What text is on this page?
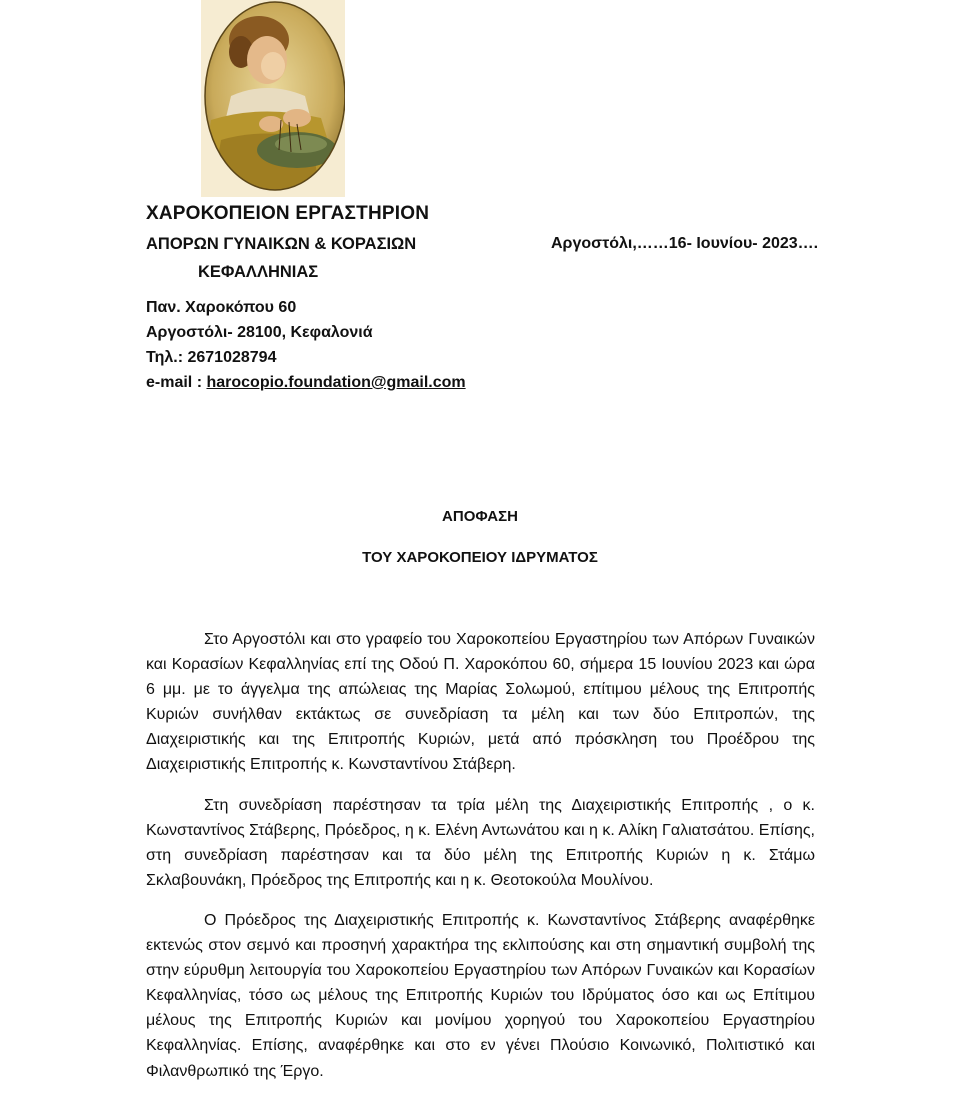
ΧΑΡΟΚΟΠΕΙΟΝ ΕΡΓΑΣΤΗΡΙΟΝ
ΑΠΟΡΩΝ ΓΥΝΑΙΚΩΝ & ΚΟΡΑΣΙΩΝ
ΚΕΦΑΛΛΗΝΙΑΣ
Αργοστόλι,……16- Ιουνίου- 2023….
Παν. Χαροκόπου 60
Αργοστόλι- 28100, Κεφαλονιά
Τηλ.: 2671028794
e-mail : harocopio.foundation@gmail.com
ΑΠΟΦΑΣΗ
ΤΟΥ ΧΑΡΟΚΟΠΕΙΟΥ ΙΔΡΥΜΑΤΟΣ

Στο Αργοστόλι και στο γραφείο του Χαροκοπείου Εργαστηρίου των Απόρων Γυναικών και Κορασίων Κεφαλληνίας επί της Οδού Π. Χαροκόπου 60, σήμερα 15 Ιουνίου 2023 και ώρα 6 μμ. με το άγγελμα της απώλειας της Μαρίας Σολωμού, επίτιμου μέλους της Επιτροπής Κυριών συνήλθαν εκτάκτως σε συνεδρίαση τα μέλη και των δύο Επιτροπών, της Διαχειριστικής και της Επιτροπής Κυριών, μετά από πρόσκληση του Προέδρου της Διαχειριστικής Επιτροπής κ. Κωνσταντίνου Στάβερη.

Στη συνεδρίαση παρέστησαν τα τρία μέλη της Διαχειριστικής Επιτροπής , ο κ. Κωνσταντίνος Στάβερης, Πρόεδρος, η κ. Ελένη Αντωνάτου και η κ. Αλίκη Γαλιατσάτου. Επίσης, στη συνεδρίαση παρέστησαν και τα δύο μέλη της Επιτροπής Κυριών η κ. Στάμω Σκλαβουνάκη, Πρόεδρος της Επιτροπής και η κ. Θεοτοκούλα Μουλίνου.

Ο Πρόεδρος της Διαχειριστικής Επιτροπής κ. Κωνσταντίνος Στάβερης αναφέρθηκε εκτενώς στον σεμνό και προσηνή χαρακτήρα της εκλιπούσης και στη σημαντική συμβολή της στην εύρυθμη λειτουργία του Χαροκοπείου Εργαστηρίου των Απόρων Γυναικών και Κορασίων Κεφαλληνίας, τόσο ως μέλους της Επιτροπής Κυριών του Ιδρύματος όσο και ως Επίτιμου μέλους της Επιτροπής Κυριών και μονίμου χορηγού του Χαροκοπείου Εργαστηρίου Κεφαλληνίας. Επίσης, αναφέρθηκε και στο εν γένει Πλούσιο Κοινωνικό, Πολιτιστικό και Φιλανθρωπικό της Έργο.
